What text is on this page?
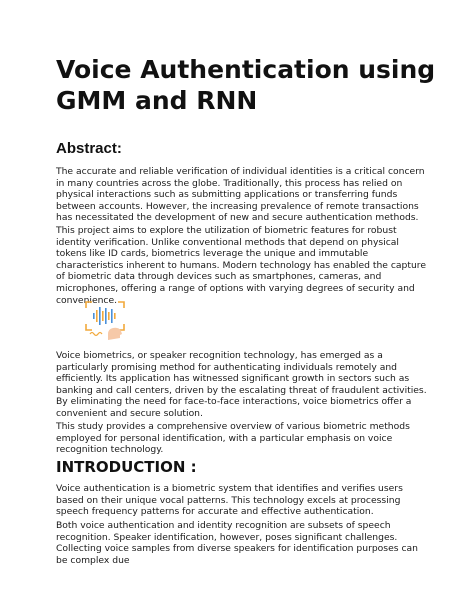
Voice Authentication using GMM and RNN
Abstract:

The accurate and reliable verification of individual identities is a critical concern in many countries across the globe. Traditionally, this process has relied on physical interactions such as submitting applications or transferring funds between accounts. However, the increasing prevalence of remote transactions has necessitated the development of new and secure authentication methods.

This project aims to explore the utilization of biometric features for robust identity verification. Unlike conventional methods that depend on physical tokens like ID cards, biometrics leverage the unique and immutable characteristics inherent to humans. Modern technology has enabled the capture of biometric data through devices such as smartphones, cameras, and microphones, offering a range of options with varying degrees of security and convenience.

Voice biometrics, or speaker recognition technology, has emerged as a particularly promising method for authenticating individuals remotely and efficiently. Its application has witnessed significant growth in sectors such as banking and call centers, driven by the escalating threat of fraudulent activities. By eliminating the need for face-to-face interactions, voice biometrics offer a convenient and secure solution.

This study provides a comprehensive overview of various biometric methods employed for personal identification, with a particular emphasis on voice recognition technology.

INTRODUCTION :

Voice authentication is a biometric system that identifies and verifies users based on their unique vocal patterns. This technology excels at processing speech frequency patterns for accurate and effective authentication.

Both voice authentication and identity recognition are subsets of speech recognition. Speaker identification, however, poses significant challenges. Collecting voice samples from diverse speakers for identification purposes can be complex due
